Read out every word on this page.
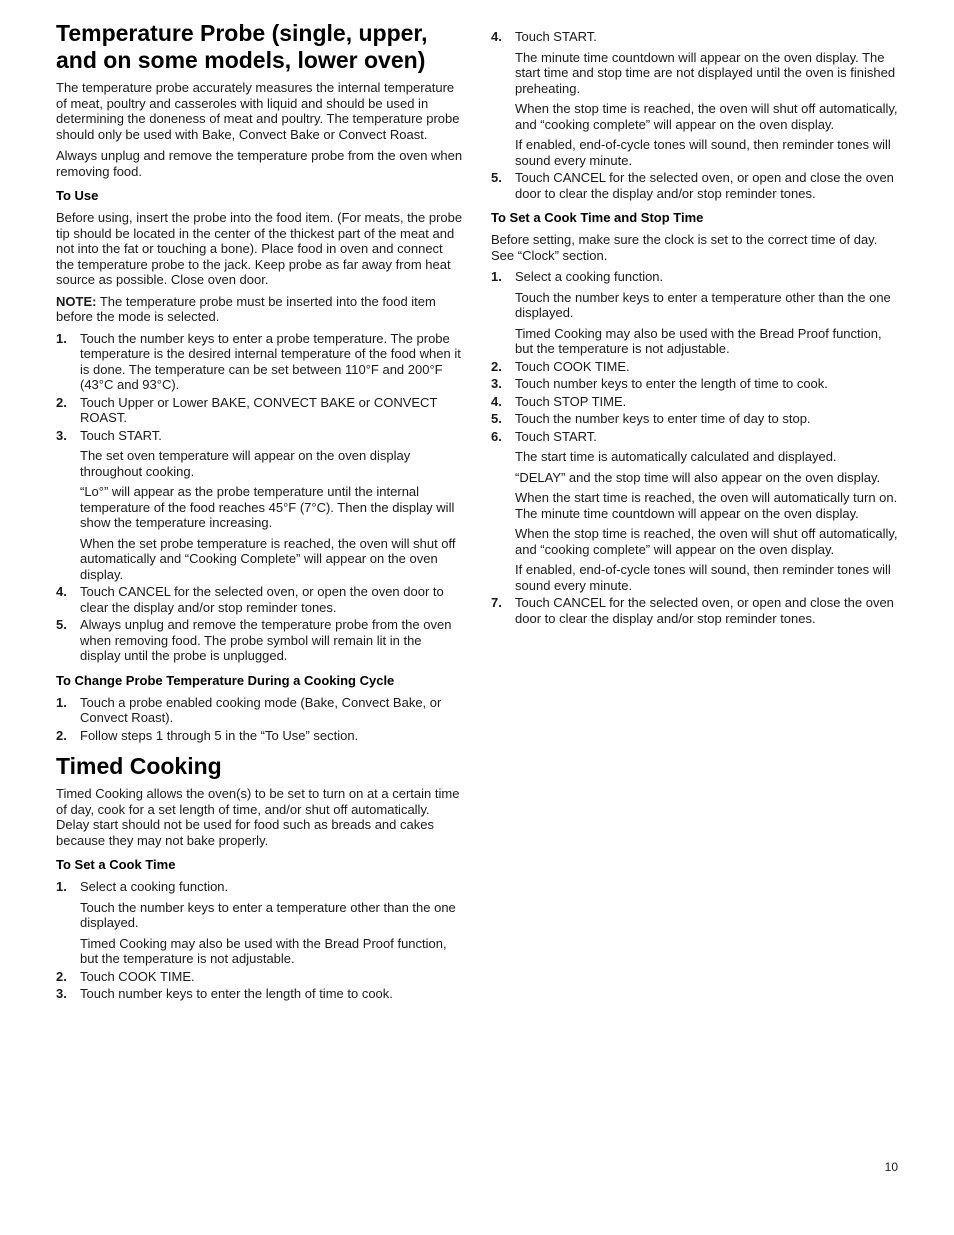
Temperature Probe (single, upper, and on some models, lower oven)

The temperature probe accurately measures the internal temperature of meat, poultry and casseroles with liquid and should be used in determining the doneness of meat and poultry. The temperature probe should only be used with Bake, Convect Bake or Convect Roast.

Always unplug and remove the temperature probe from the oven when removing food.

To Use

Before using, insert the probe into the food item. (For meats, the probe tip should be located in the center of the thickest part of the meat and not into the fat or touching a bone). Place food in oven and connect the temperature probe to the jack. Keep probe as far away from heat source as possible. Close oven door.

NOTE: The temperature probe must be inserted into the food item before the mode is selected.

1. Touch the number keys to enter a probe temperature. The probe temperature is the desired internal temperature of the food when it is done. The temperature can be set between 110°F and 200°F (43°C and 93°C).
2. Touch Upper or Lower BAKE, CONVECT BAKE or CONVECT ROAST.
3. Touch START.
The set oven temperature will appear on the oven display throughout cooking.
“Lo°” will appear as the probe temperature until the internal temperature of the food reaches 45°F (7°C). Then the display will show the temperature increasing.
When the set probe temperature is reached, the oven will shut off automatically and “Cooking Complete” will appear on the oven display.
4. Touch CANCEL for the selected oven, or open the oven door to clear the display and/or stop reminder tones.
5. Always unplug and remove the temperature probe from the oven when removing food. The probe symbol will remain lit in the display until the probe is unplugged.
To Change Probe Temperature During a Cooking Cycle
1. Touch a probe enabled cooking mode (Bake, Convect Bake, or Convect Roast).
2. Follow steps 1 through 5 in the “To Use” section.
Timed Cooking

Timed Cooking allows the oven(s) to be set to turn on at a certain time of day, cook for a set length of time, and/or shut off automatically. Delay start should not be used for food such as breads and cakes because they may not bake properly.

To Set a Cook Time
1. Select a cooking function.
Touch the number keys to enter a temperature other than the one displayed.
Timed Cooking may also be used with the Bread Proof function, but the temperature is not adjustable.
2. Touch COOK TIME.
3. Touch number keys to enter the length of time to cook.
4. Touch START.
The minute time countdown will appear on the oven display. The start time and stop time are not displayed until the oven is finished preheating.
When the stop time is reached, the oven will shut off automatically, and “cooking complete” will appear on the oven display.
If enabled, end-of-cycle tones will sound, then reminder tones will sound every minute.
5. Touch CANCEL for the selected oven, or open and close the oven door to clear the display and/or stop reminder tones.
To Set a Cook Time and Stop Time

Before setting, make sure the clock is set to the correct time of day. See “Clock” section.

1. Select a cooking function.
Touch the number keys to enter a temperature other than the one displayed.
Timed Cooking may also be used with the Bread Proof function, but the temperature is not adjustable.
2. Touch COOK TIME.
3. Touch number keys to enter the length of time to cook.
4. Touch STOP TIME.
5. Touch the number keys to enter time of day to stop.
6. Touch START.
The start time is automatically calculated and displayed.
“DELAY” and the stop time will also appear on the oven display.
When the start time is reached, the oven will automatically turn on. The minute time countdown will appear on the oven display.
When the stop time is reached, the oven will shut off automatically, and “cooking complete” will appear on the oven display.
If enabled, end-of-cycle tones will sound, then reminder tones will sound every minute.
7. Touch CANCEL for the selected oven, or open and close the oven door to clear the display and/or stop reminder tones.
10
